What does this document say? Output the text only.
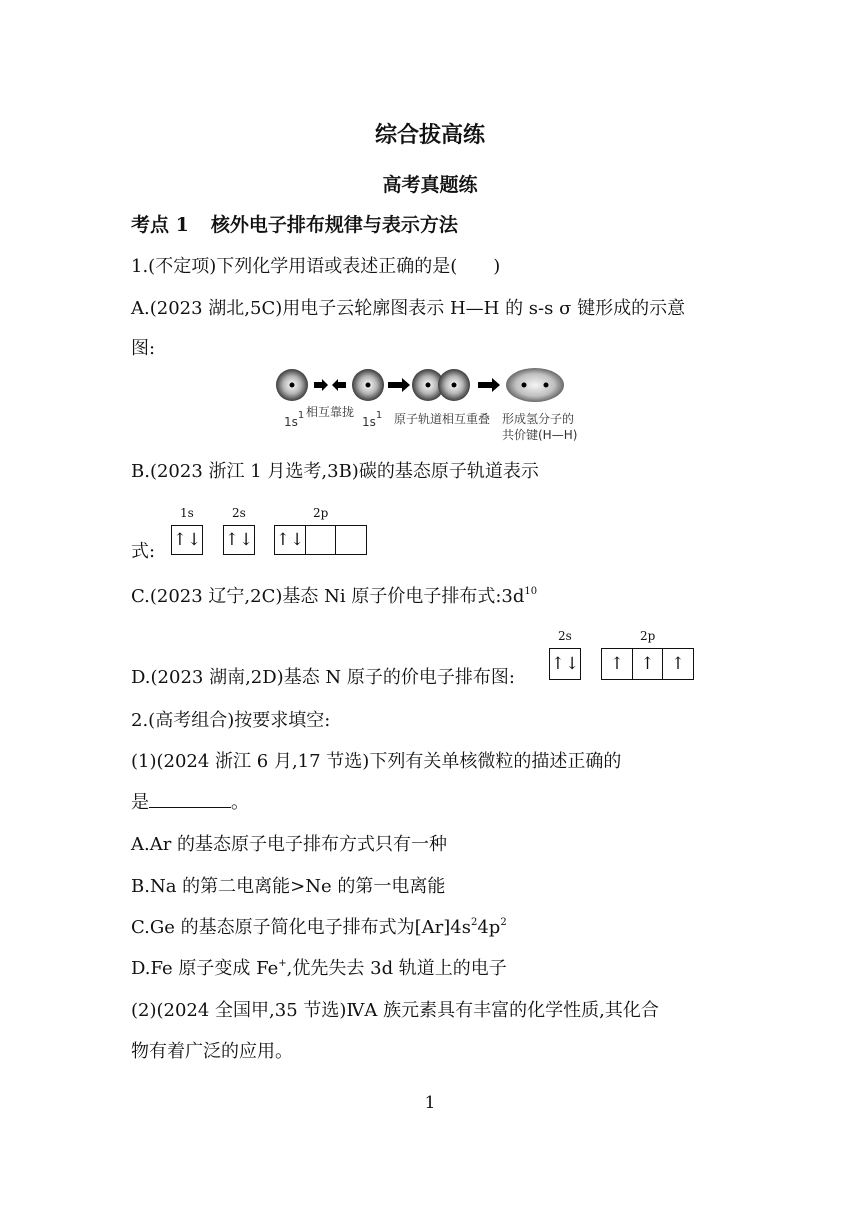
综合拔高练
高考真题练
考点 1 核外电子排布规律与表示方法
1.(不定项)下列化学用语或表述正确的是(　　)
A.(2023 湖北,5C)用电子云轮廓图表示 H—H 的 s-s σ 键形成的示意
图:
$1s^1$ 相互靠拢
$1s^1$ 原子轨道相互重叠 形成氢分子的
共价键(H—H)
B.(2023 浙江 1 月选考,3B)碳的基态原子轨道表示
式:
1s	2s	2p
↑↓ ↑↓ ↑↓
C.(2023 辽宁,2C)基态 Ni 原子价电子排布式$:3d^{10}$
D.(2023 湖南,2D)基态 N 原子的价电子排布图:
2s	2p
↑↓	↑ ↑ ↑
2.(高考组合)按要求填空:
(1)(2024 浙江 6 月,17 节选)下列有关单核微粒的描述正确的
是	。
A.Ar 的基态原子电子排布方式只有一种
B.Na 的第二电离能>Ne 的第一电离能
C.Ge 的基态原子简化电子排布式为$[Ar]4s^24p^2$
D.Fe 原子变成 Fe+,优先失去 3d 轨道上的电子
(2)(2024 全国甲,35 节选)ⅣA 族元素具有丰富的化学性质,其化合
物有着广泛的应用。
1
